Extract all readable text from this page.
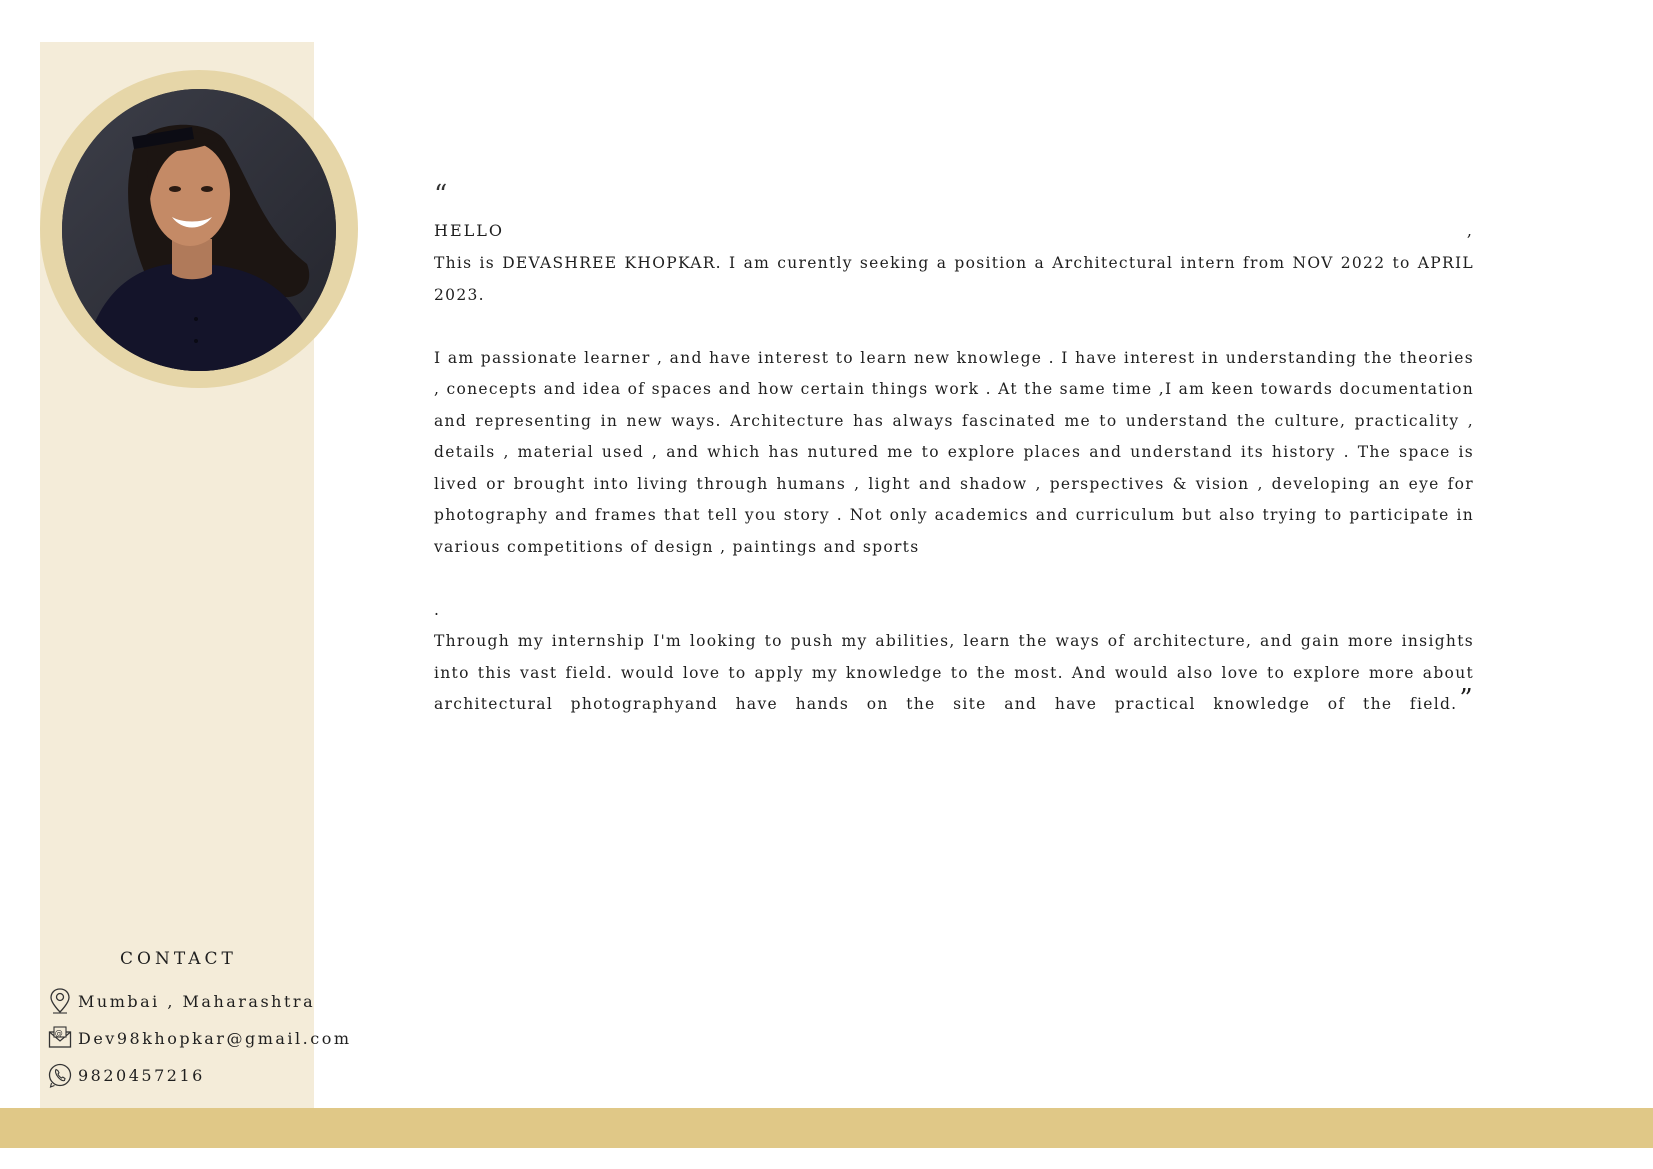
CONTACT
Mumbai , Maharashtra
@ Dev98khopkar@gmail.com
9820457216
“
HELLO	,

This is DEVASHREE KHOPKAR. I am curently seeking a position a Architectural intern from NOV 2022 to APRIL 2023.

I am passionate learner , and have interest to learn new knowlege . I have interest in understanding the theories , conecepts and idea of spaces and how certain things work . At the same time ,I am keen towards documentation and representing in new ways. Architecture has always fascinated me to understand the culture, practicality , details , material used , and which has nutured me to explore places and understand its history . The space is lived or brought into living through humans , light and shadow , perspectives & vision , developing an eye for photography and frames that tell you story . Not only academics and curriculum but also trying to participate in various competitions of design , paintings and sports

.

Through my internship I'm looking to push my abilities, learn the ways of architecture, and gain more insights into this vast field. would love to apply my knowledge to the most. And would also love to explore more about architectural photographyand have hands on the site and have practical knowledge of the field.”
